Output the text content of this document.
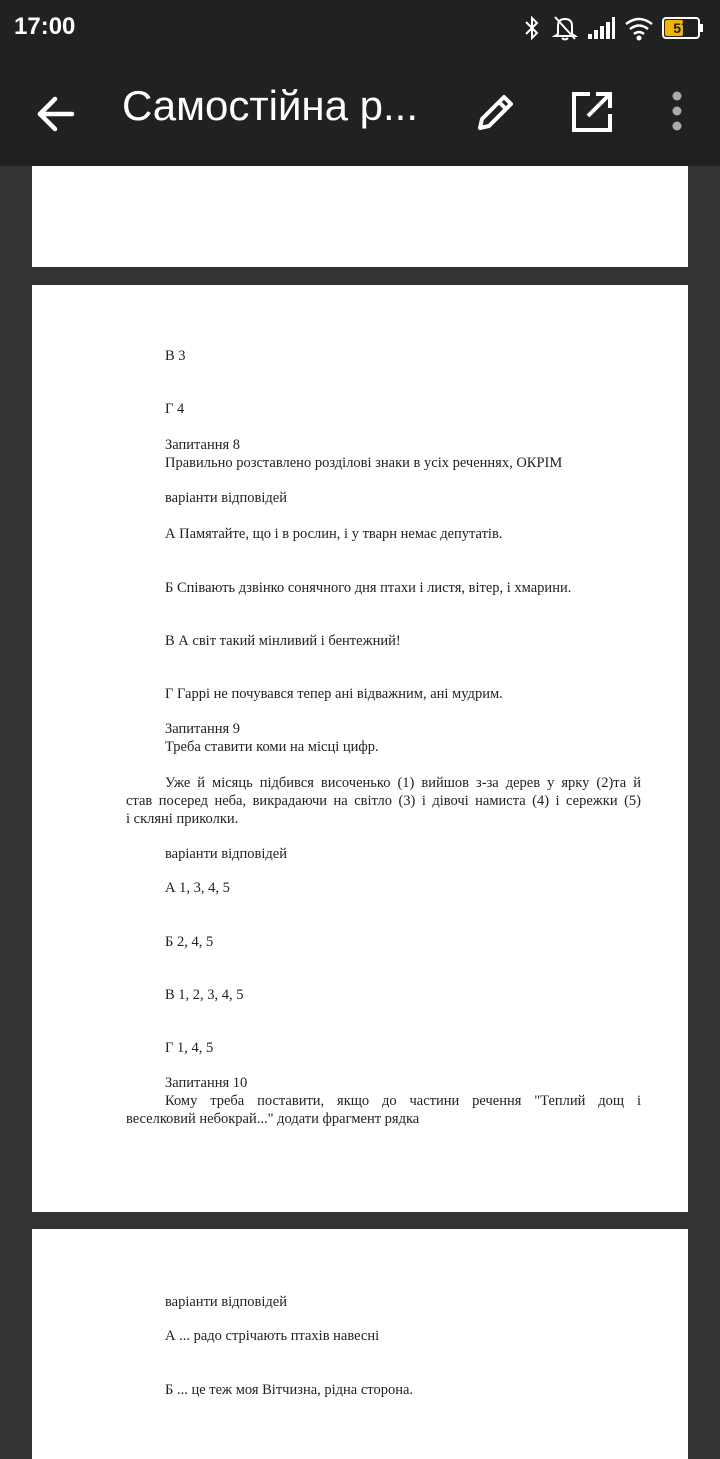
17:00	57
Самостійна р...
В 3
Г 4
Запитання 8
Правильно розставлено розділові знаки в усіх реченнях, ОКРІМ
варіанти відповідей
А Памятайте, що і в рослин, і у тварн немає депутатів.
Б Співають дзвінко сонячного дня птахи і листя, вітер, і хмарини.
В А світ такий мінливий і бентежний!
Г Гаррі не почувався тепер ані відважним, ані мудрим.
Запитання 9
Треба ставити коми на місці цифр.
Уже й місяць підбився височенько (1) вийшов з-за дерев у ярку (2)та й
став посеред неба, викрадаючи на світло (3) і дівочі намиста (4) і сережки (5)
і скляні приколки.
варіанти відповідей
А 1, 3, 4, 5
Б 2, 4, 5
В 1, 2, 3, 4, 5
Г 1, 4, 5
Запитання 10
Кому треба поставити, якщо до частини речення "Теплий дощ і
веселковий небокрай..." додати фрагмент рядка
варіанти відповідей
А ... радо стрічають птахів навесні
Б ... це теж моя Вітчизна, рідна сторона.
